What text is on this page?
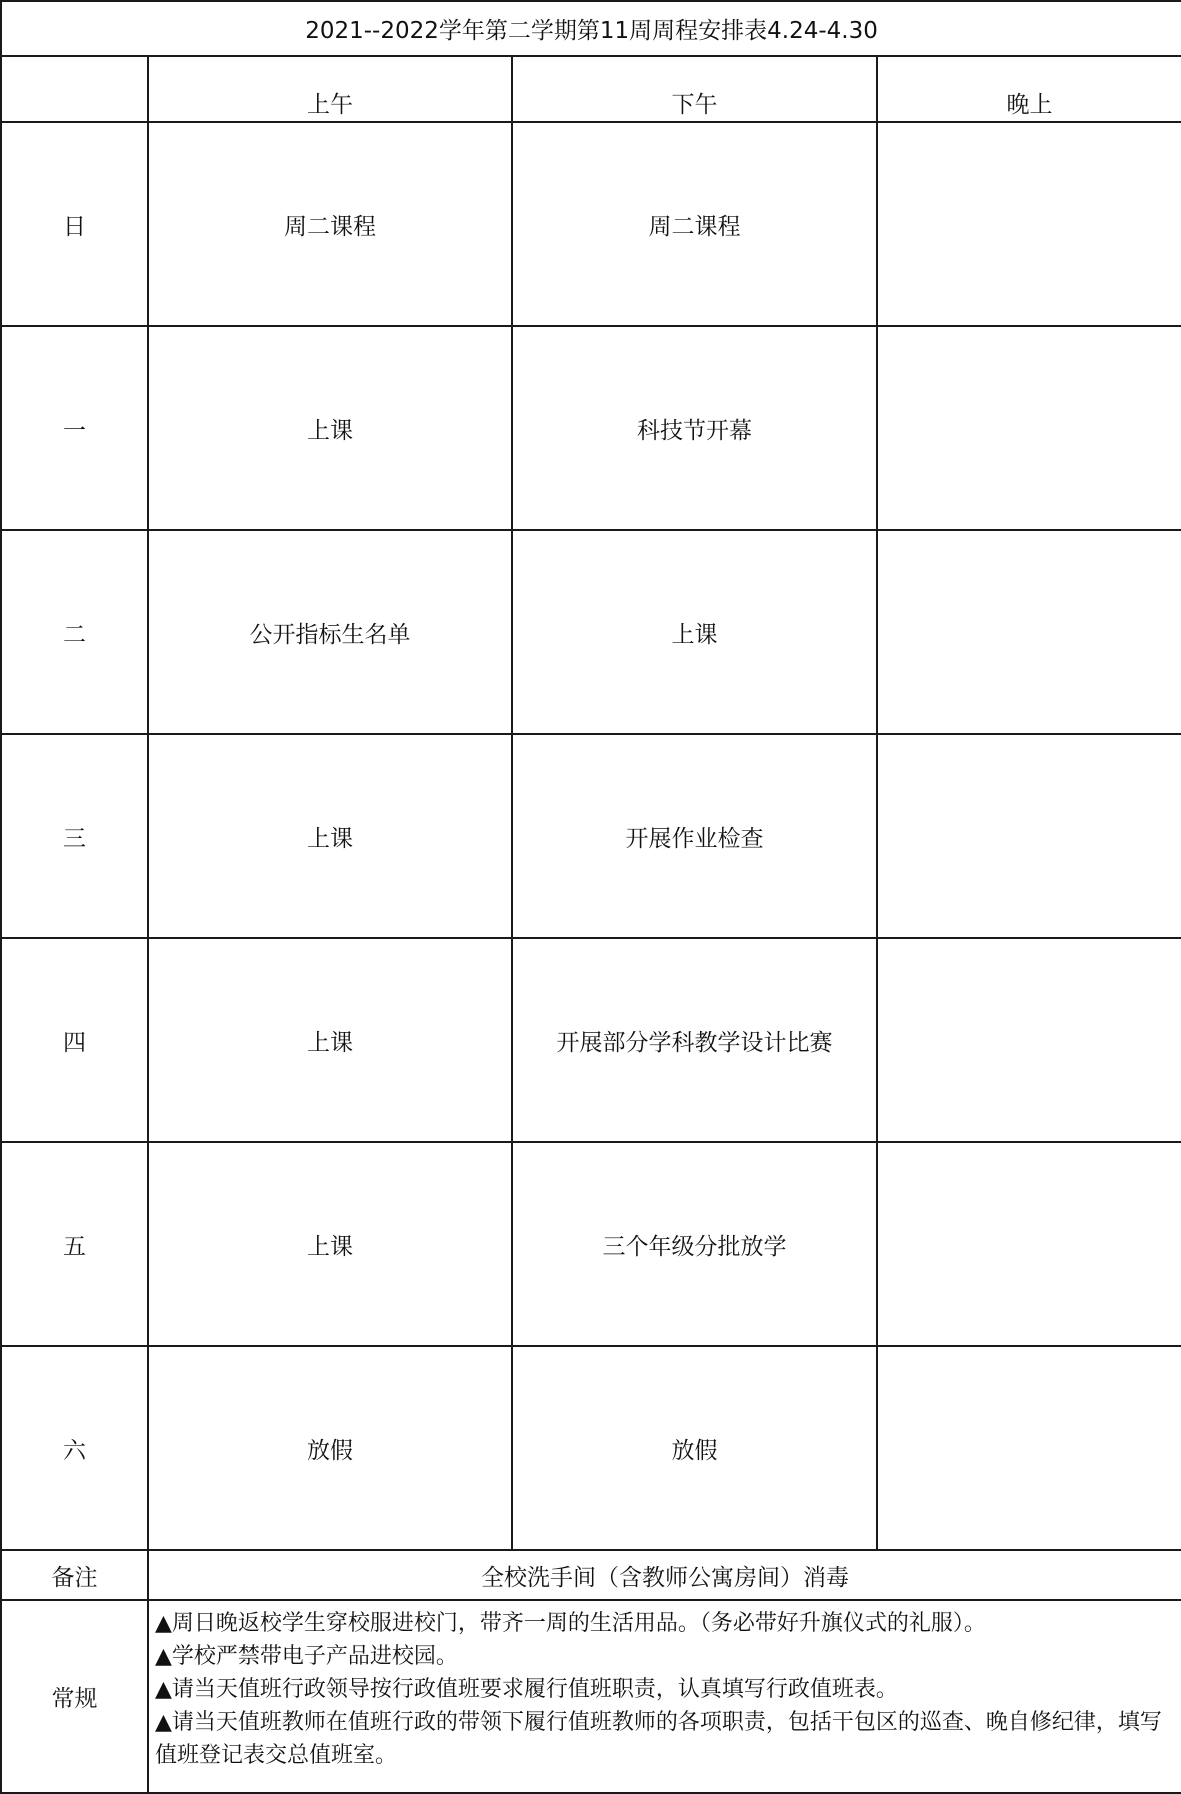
2021--2022学年第二学期第11周周程安排表4.24-4.30			
	上午	下午	晚上
日	周二课程	周二课程	
一	上课	科技节开幕	
二	公开指标生名单	上课	
三	上课	开展作业检查	
四	上课	开展部分学科教学设计比赛	
五	上课	三个年级分批放学	
六	放假	放假	
备注	全校洗手间（含教师公寓房间）消毒		
常规	▲周日晚返校学生穿校服进校门，带齐一周的生活用品。（务必带好升旗仪式的礼服）。
▲学校严禁带电子产品进校园。
▲请当天值班行政领导按行政值班要求履行值班职责，认真填写行政值班表。
▲请当天值班教师在值班行政的带领下履行值班教师的各项职责，包括干包区的巡查、晚自修纪律，填写值班登记表交总值班室。		
